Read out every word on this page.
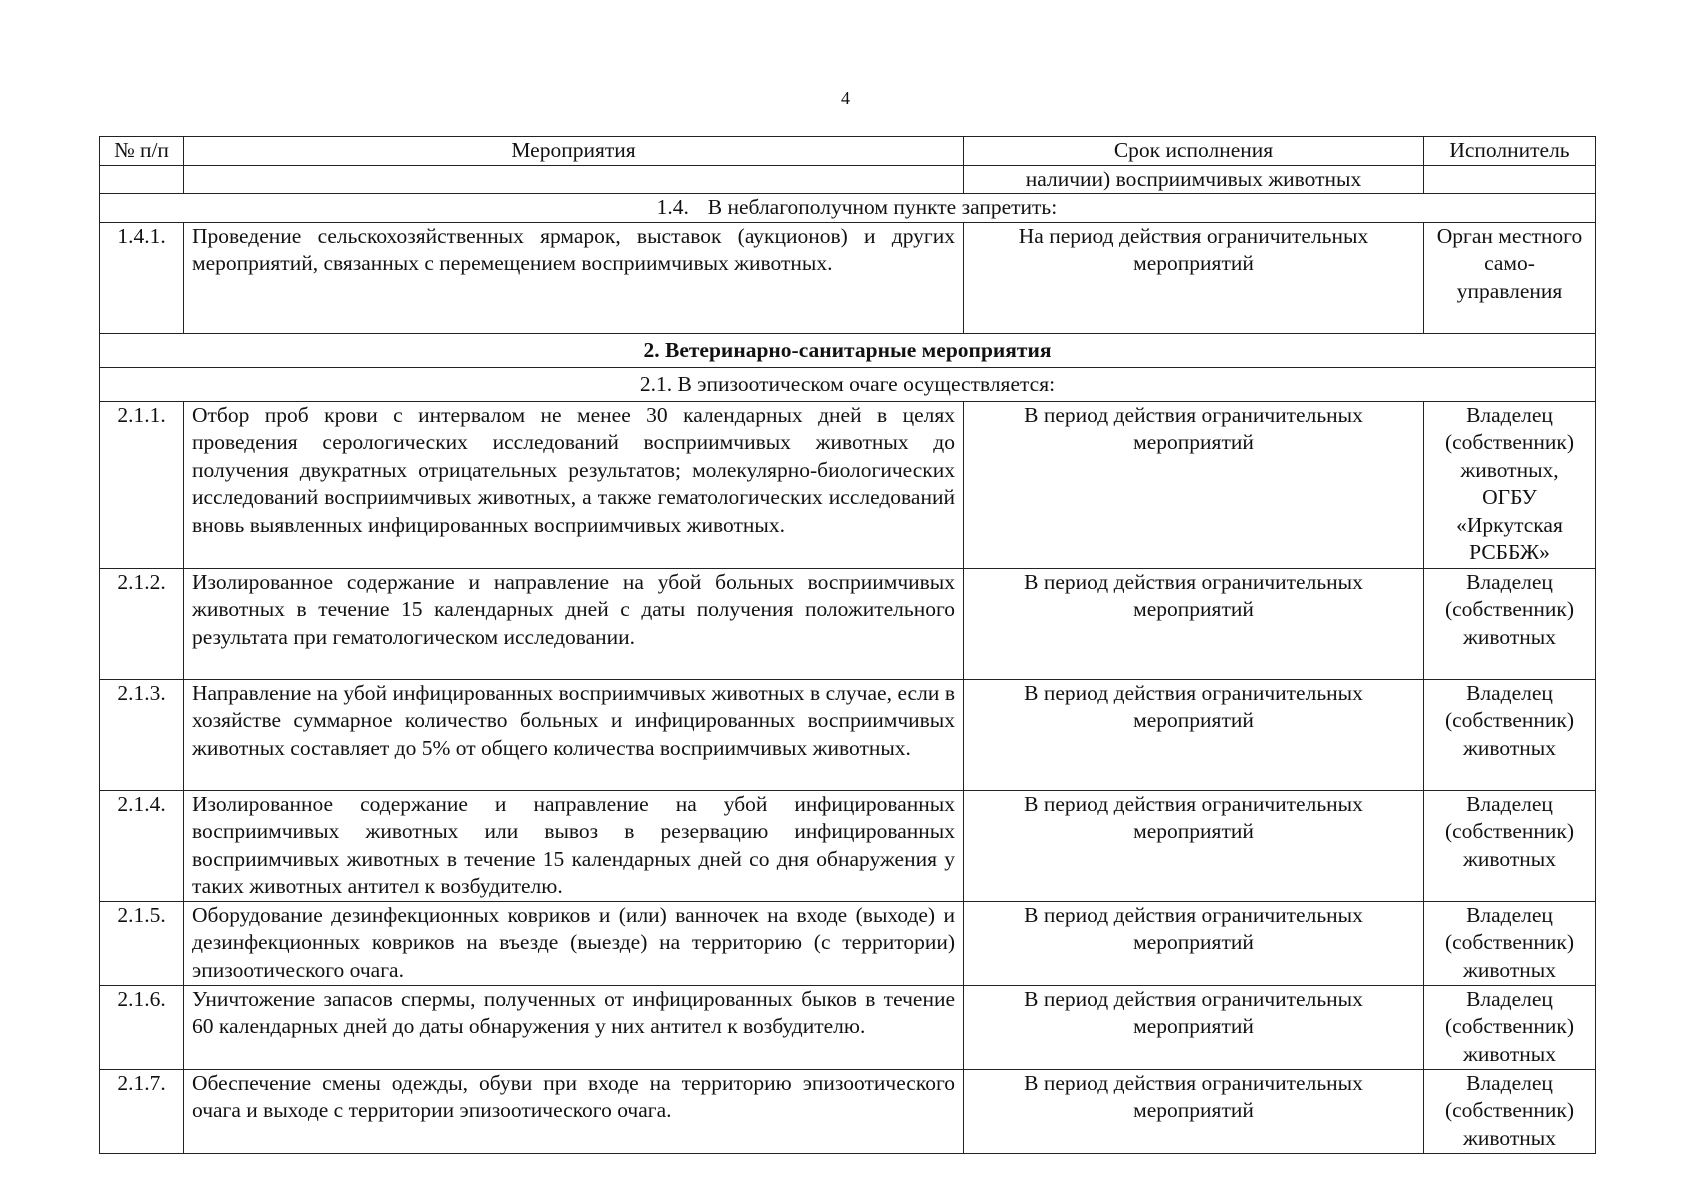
4
№ п/п	Мероприятия	Срок исполнения	Исполнитель
		наличии) восприимчивых животных	
1.4. В неблагополучном пункте запретить:			
1.4.1.	Проведение сельскохозяйственных ярмарок, выставок (аукционов) и других мероприятий, связанных с перемещением восприимчивых животных.	На период действия ограничительных мероприятий	Орган местного само-управления
2. Ветеринарно-санитарные мероприятия			
2.1. В эпизоотическом очаге осуществляется:			
2.1.1.	Отбор проб крови с интервалом не менее 30 календарных дней в целях проведения серологических исследований восприимчивых животных до получения двукратных отрицательных результатов; молекулярно-биологических исследований восприимчивых животных, а также гематологических исследований вновь выявленных инфицированных восприимчивых животных.	В период действия ограничительных мероприятий	Владелец (собственник) животных, ОГБУ «Иркутская РСББЖ»
2.1.2.	Изолированное содержание и направление на убой больных восприимчивых животных в течение 15 календарных дней с даты получения положительного результата при гематологическом исследовании.	В период действия ограничительных мероприятий	Владелец (собственник) животных
2.1.3.	Направление на убой инфицированных восприимчивых животных в случае, если в хозяйстве суммарное количество больных и инфицированных восприимчивых животных составляет до 5% от общего количества восприимчивых животных.	В период действия ограничительных мероприятий	Владелец (собственник) животных
2.1.4.	Изолированное содержание и направление на убой инфицированных восприимчивых животных или вывоз в резервацию инфицированных восприимчивых животных в течение 15 календарных дней со дня обнаружения у таких животных антител к возбудителю.	В период действия ограничительных мероприятий	Владелец (собственник) животных
2.1.5.	Оборудование дезинфекционных ковриков и (или) ванночек на входе (выходе) и дезинфекционных ковриков на въезде (выезде) на территорию (с территории) эпизоотического очага.	В период действия ограничительных мероприятий	Владелец (собственник) животных
2.1.6.	Уничтожение запасов спермы, полученных от инфицированных быков в течение 60 календарных дней до даты обнаружения у них антител к возбудителю.	В период действия ограничительных мероприятий	Владелец (собственник) животных
2.1.7.	Обеспечение смены одежды, обуви при входе на территорию эпизоотического очага и выходе с территории эпизоотического очага.	В период действия ограничительных мероприятий	Владелец (собственник) животных
